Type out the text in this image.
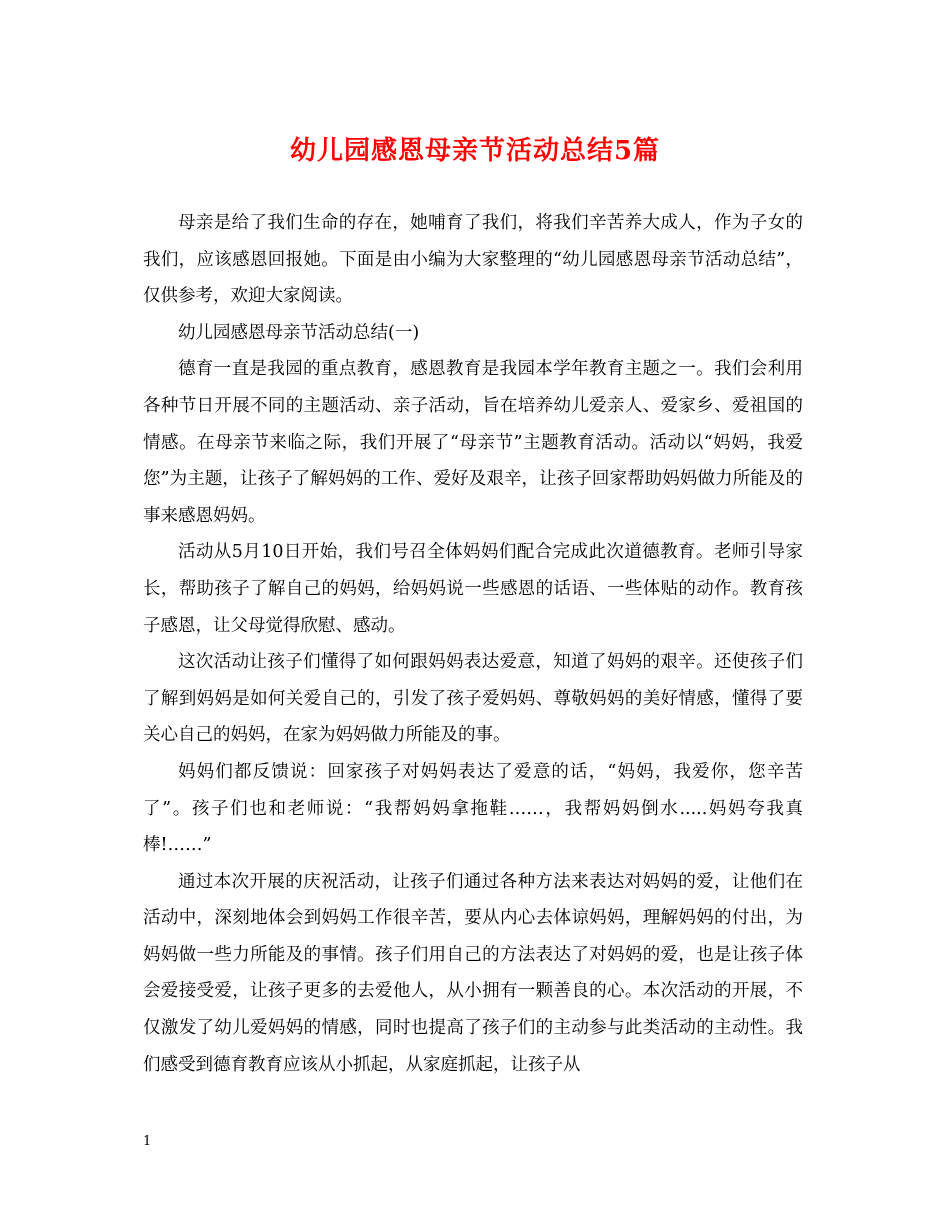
幼儿园感恩母亲节活动总结5篇

母亲是给了我们生命的存在，她哺育了我们，将我们辛苦养大成人，作为子女的我们，应该感恩回报她。下面是由小编为大家整理的“幼儿园感恩母亲节活动总结”，仅供参考，欢迎大家阅读。

幼儿园感恩母亲节活动总结(一)

德育一直是我园的重点教育，感恩教育是我园本学年教育主题之一。我们会利用各种节日开展不同的主题活动、亲子活动，旨在培养幼儿爱亲人、爱家乡、爱祖国的情感。在母亲节来临之际，我们开展了“母亲节”主题教育活动。活动以“妈妈，我爱您”为主题，让孩子了解妈妈的工作、爱好及艰辛，让孩子回家帮助妈妈做力所能及的事来感恩妈妈。

活动从5月10日开始，我们号召全体妈妈们配合完成此次道德教育。老师引导家长，帮助孩子了解自己的妈妈，给妈妈说一些感恩的话语、一些体贴的动作。教育孩子感恩，让父母觉得欣慰、感动。

这次活动让孩子们懂得了如何跟妈妈表达爱意，知道了妈妈的艰辛。还使孩子们了解到妈妈是如何关爱自己的，引发了孩子爱妈妈、尊敬妈妈的美好情感，懂得了要关心自己的妈妈，在家为妈妈做力所能及的事。

妈妈们都反馈说：回家孩子对妈妈表达了爱意的话，“妈妈，我爱你，您辛苦了”。孩子们也和老师说：“我帮妈妈拿拖鞋……，我帮妈妈倒水.....妈妈夸我真棒!……”

通过本次开展的庆祝活动，让孩子们通过各种方法来表达对妈妈的爱，让他们在活动中，深刻地体会到妈妈工作很辛苦，要从内心去体谅妈妈，理解妈妈的付出，为妈妈做一些力所能及的事情。孩子们用自己的方法表达了对妈妈的爱，也是让孩子体会爱接受爱，让孩子更多的去爱他人，从小拥有一颗善良的心。本次活动的开展，不仅激发了幼儿爱妈妈的情感，同时也提高了孩子们的主动参与此类活动的主动性。我们感受到德育教育应该从小抓起，从家庭抓起，让孩子从

1
